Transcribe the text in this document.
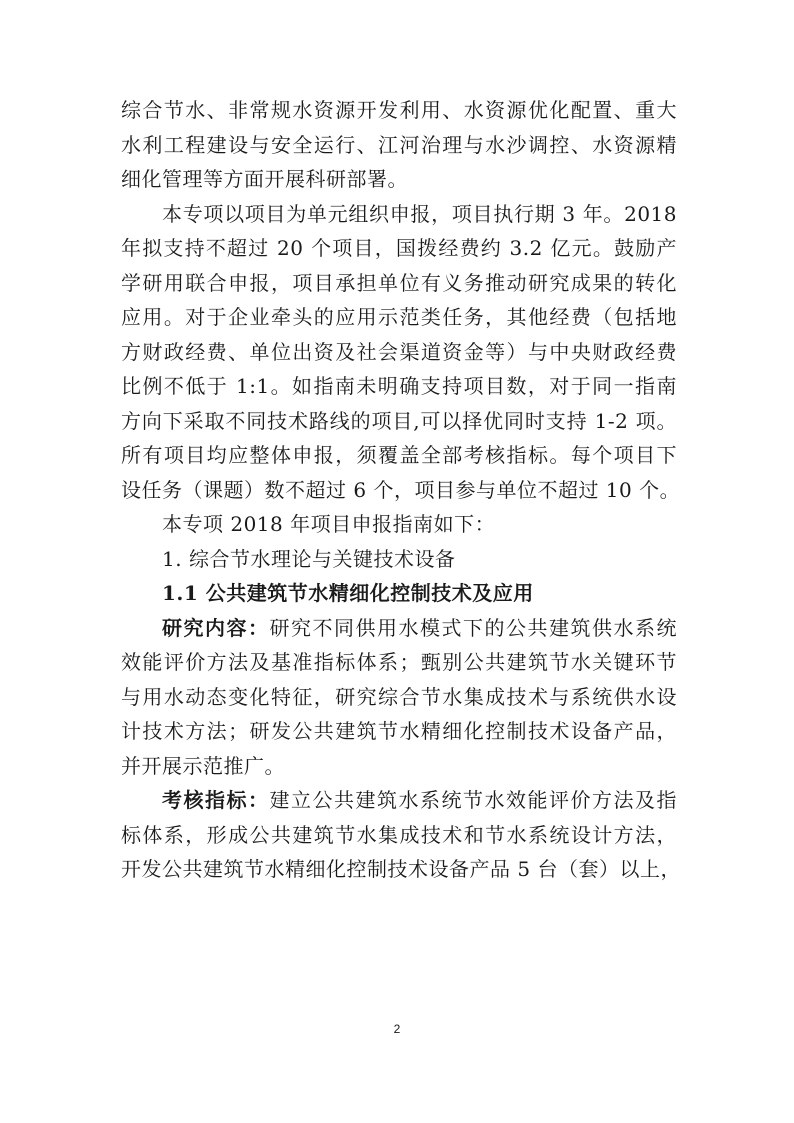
综合节水、非常规水资源开发利用、水资源优化配置、重大
水利工程建设与安全运行、江河治理与水沙调控、水资源精
细化管理等方面开展科研部署。
本专项以项目为单元组织申报，项目执行期 3 年。2018
年拟支持不超过 20 个项目，国拨经费约 3.2 亿元。鼓励产
学研用联合申报，项目承担单位有义务推动研究成果的转化
应用。对于企业牵头的应用示范类任务，其他经费（包括地
方财政经费、单位出资及社会渠道资金等）与中央财政经费
比例不低于 1:1。如指南未明确支持项目数，对于同一指南
方向下采取不同技术路线的项目,可以择优同时支持 1-2 项。
所有项目均应整体申报，须覆盖全部考核指标。每个项目下
设任务（课题）数不超过 6 个，项目参与单位不超过 10 个。
本专项 2018 年项目申报指南如下：
1. 综合节水理论与关键技术设备
1.1 公共建筑节水精细化控制技术及应用
研究内容：研究不同供用水模式下的公共建筑供水系统
效能评价方法及基准指标体系；甄别公共建筑节水关键环节
与用水动态变化特征，研究综合节水集成技术与系统供水设
计技术方法；研发公共建筑节水精细化控制技术设备产品，
并开展示范推广。
考核指标：建立公共建筑水系统节水效能评价方法及指
标体系，形成公共建筑节水集成技术和节水系统设计方法，
开发公共建筑节水精细化控制技术设备产品 5 台（套）以上，
2
